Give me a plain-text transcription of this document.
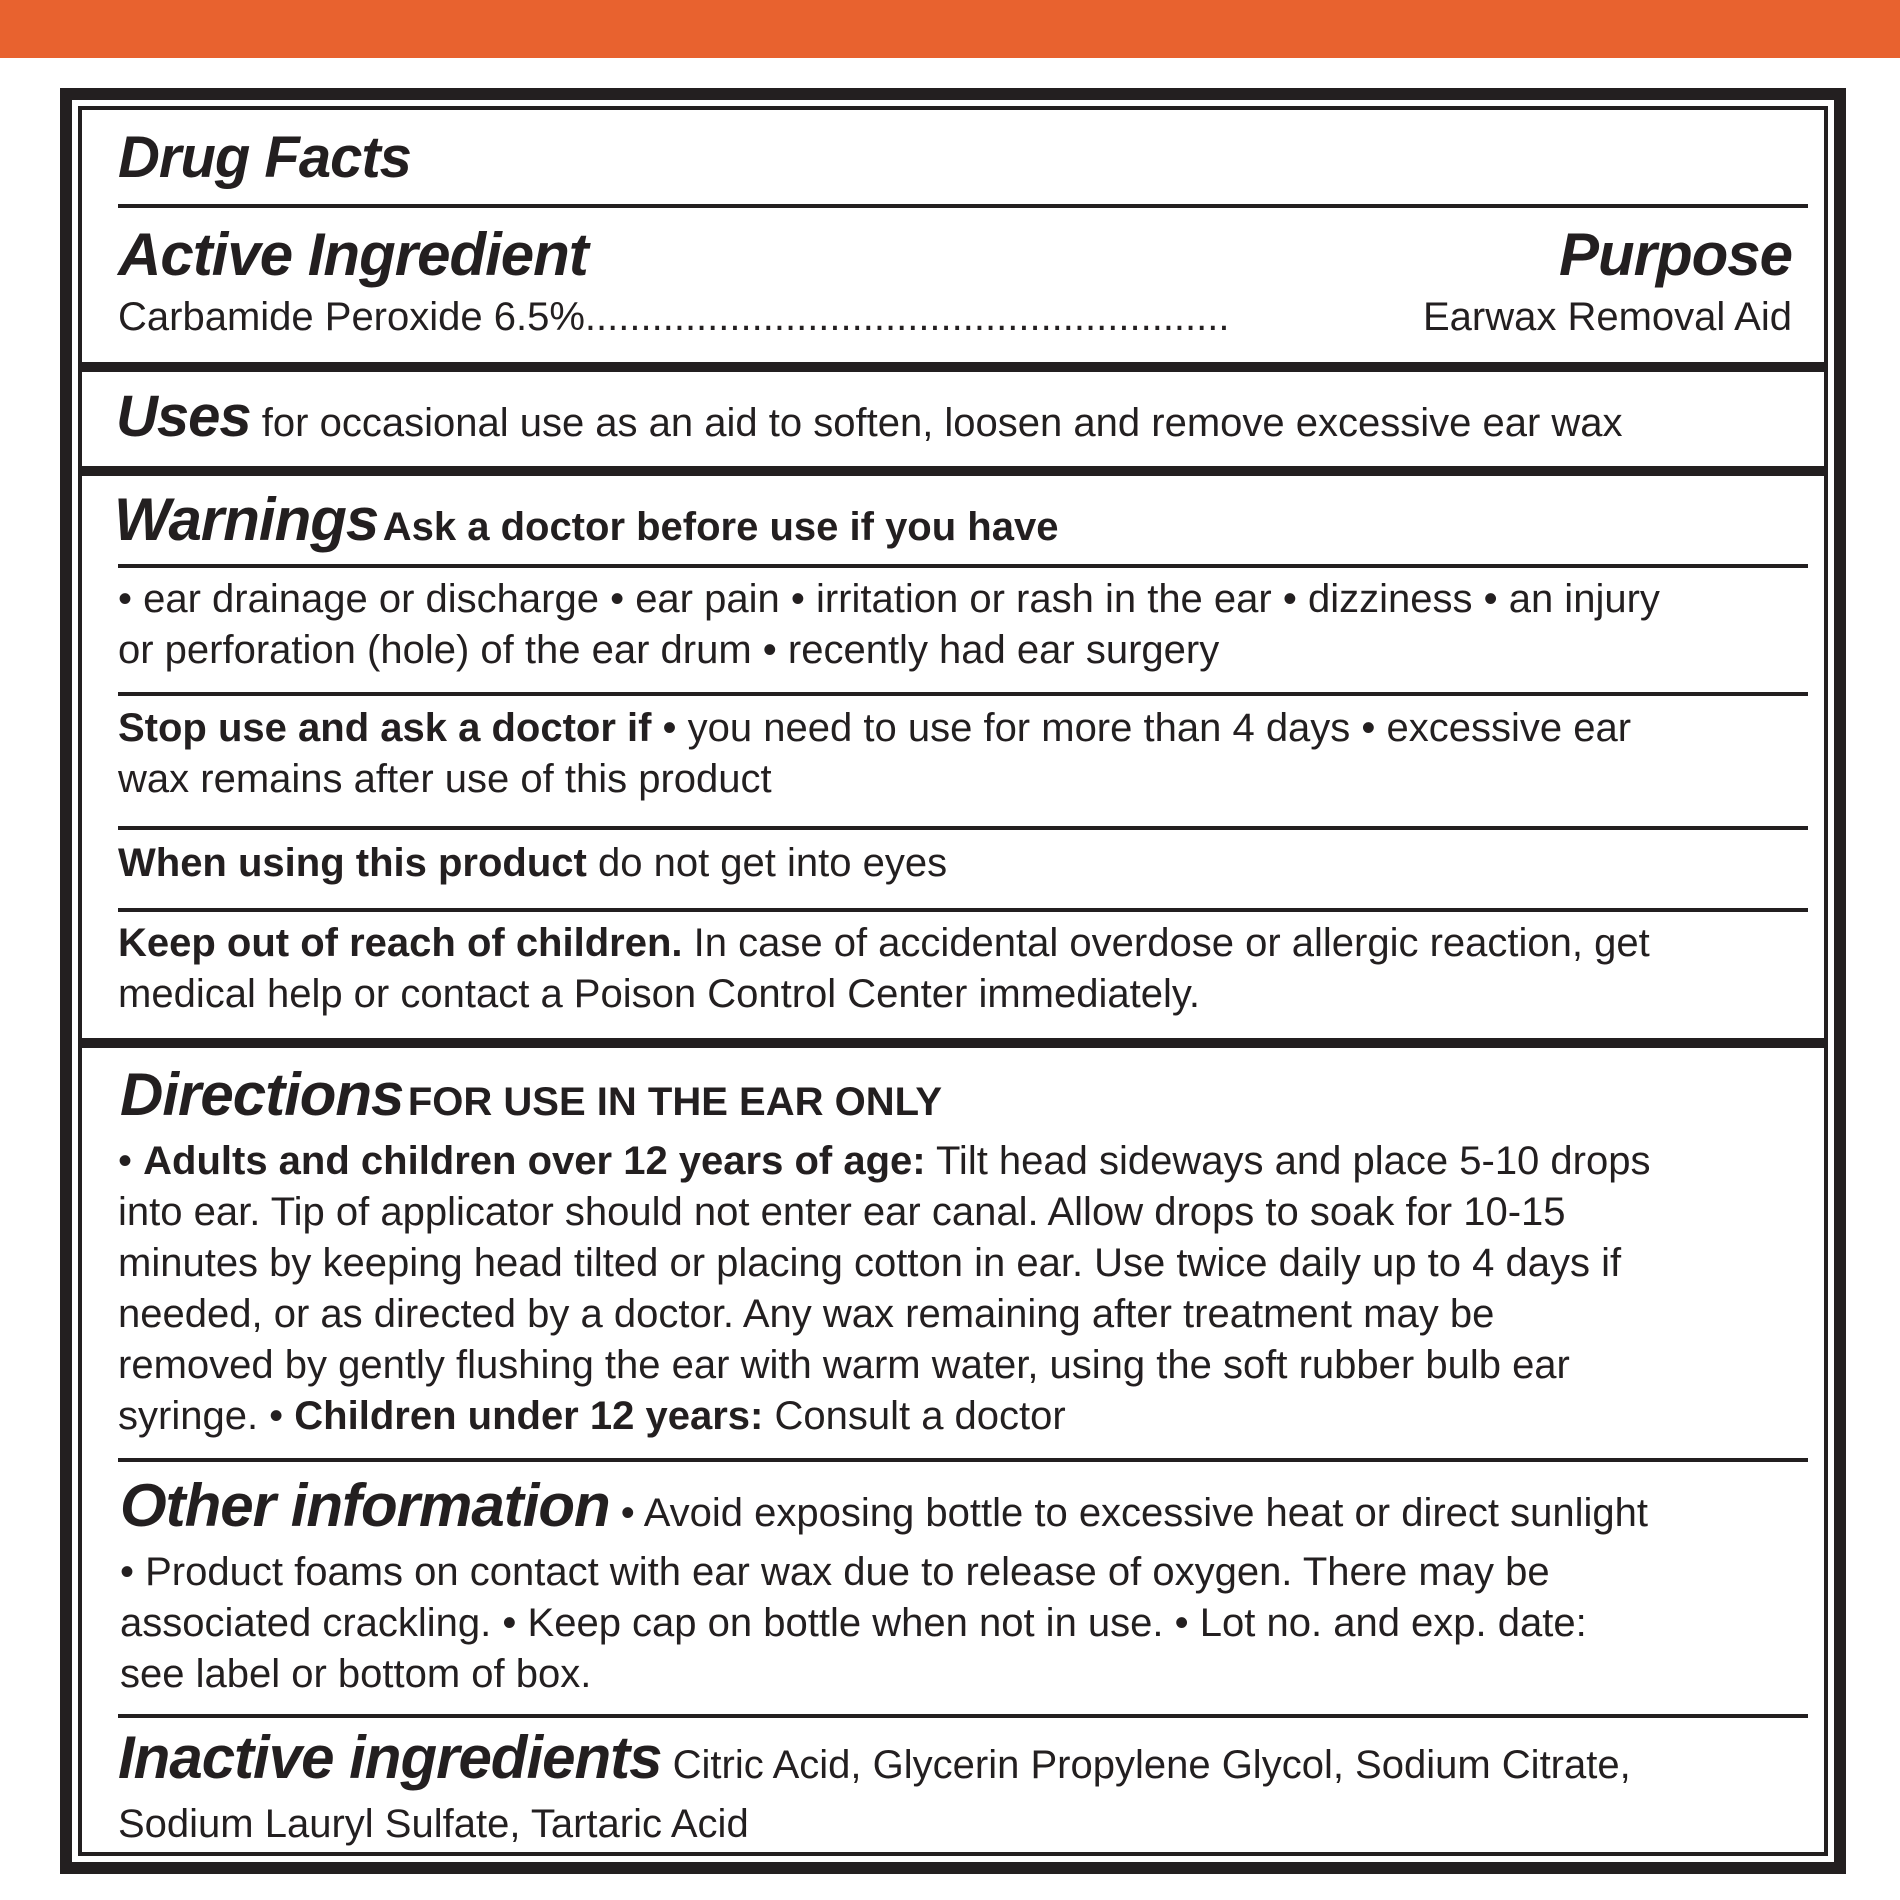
Drug Facts
Active Ingredient	Purpose
Carbamide Peroxide 6.5% ..........................................................	Earwax Removal Aid
Uses for occasional use as an aid to soften, loosen and remove excessive ear wax
Warnings Ask a doctor before use if you have
• ear drainage or discharge • ear pain • irritation or rash in the ear • dizziness • an injury
or perforation (hole) of the ear drum • recently had ear surgery
Stop use and ask a doctor if • you need to use for more than 4 days • excessive ear
wax remains after use of this product
When using this product do not get into eyes
Keep out of reach of children. In case of accidental overdose or allergic reaction, get
medical help or contact a Poison Control Center immediately.
Directions FOR USE IN THE EAR ONLY
• Adults and children over 12 years of age: Tilt head sideways and place 5-10 drops
into ear. Tip of applicator should not enter ear canal. Allow drops to soak for 10-15
minutes by keeping head tilted or placing cotton in ear. Use twice daily up to 4 days if
needed, or as directed by a doctor. Any wax remaining after treatment may be
removed by gently flushing the ear with warm water, using the soft rubber bulb ear
syringe. • Children under 12 years: Consult a doctor
Other information • Avoid exposing bottle to excessive heat or direct sunlight
• Product foams on contact with ear wax due to release of oxygen. There may be
associated crackling. • Keep cap on bottle when not in use. • Lot no. and exp. date:
see label or bottom of box.
Inactive ingredients Citric Acid, Glycerin Propylene Glycol, Sodium Citrate,
Sodium Lauryl Sulfate, Tartaric Acid
